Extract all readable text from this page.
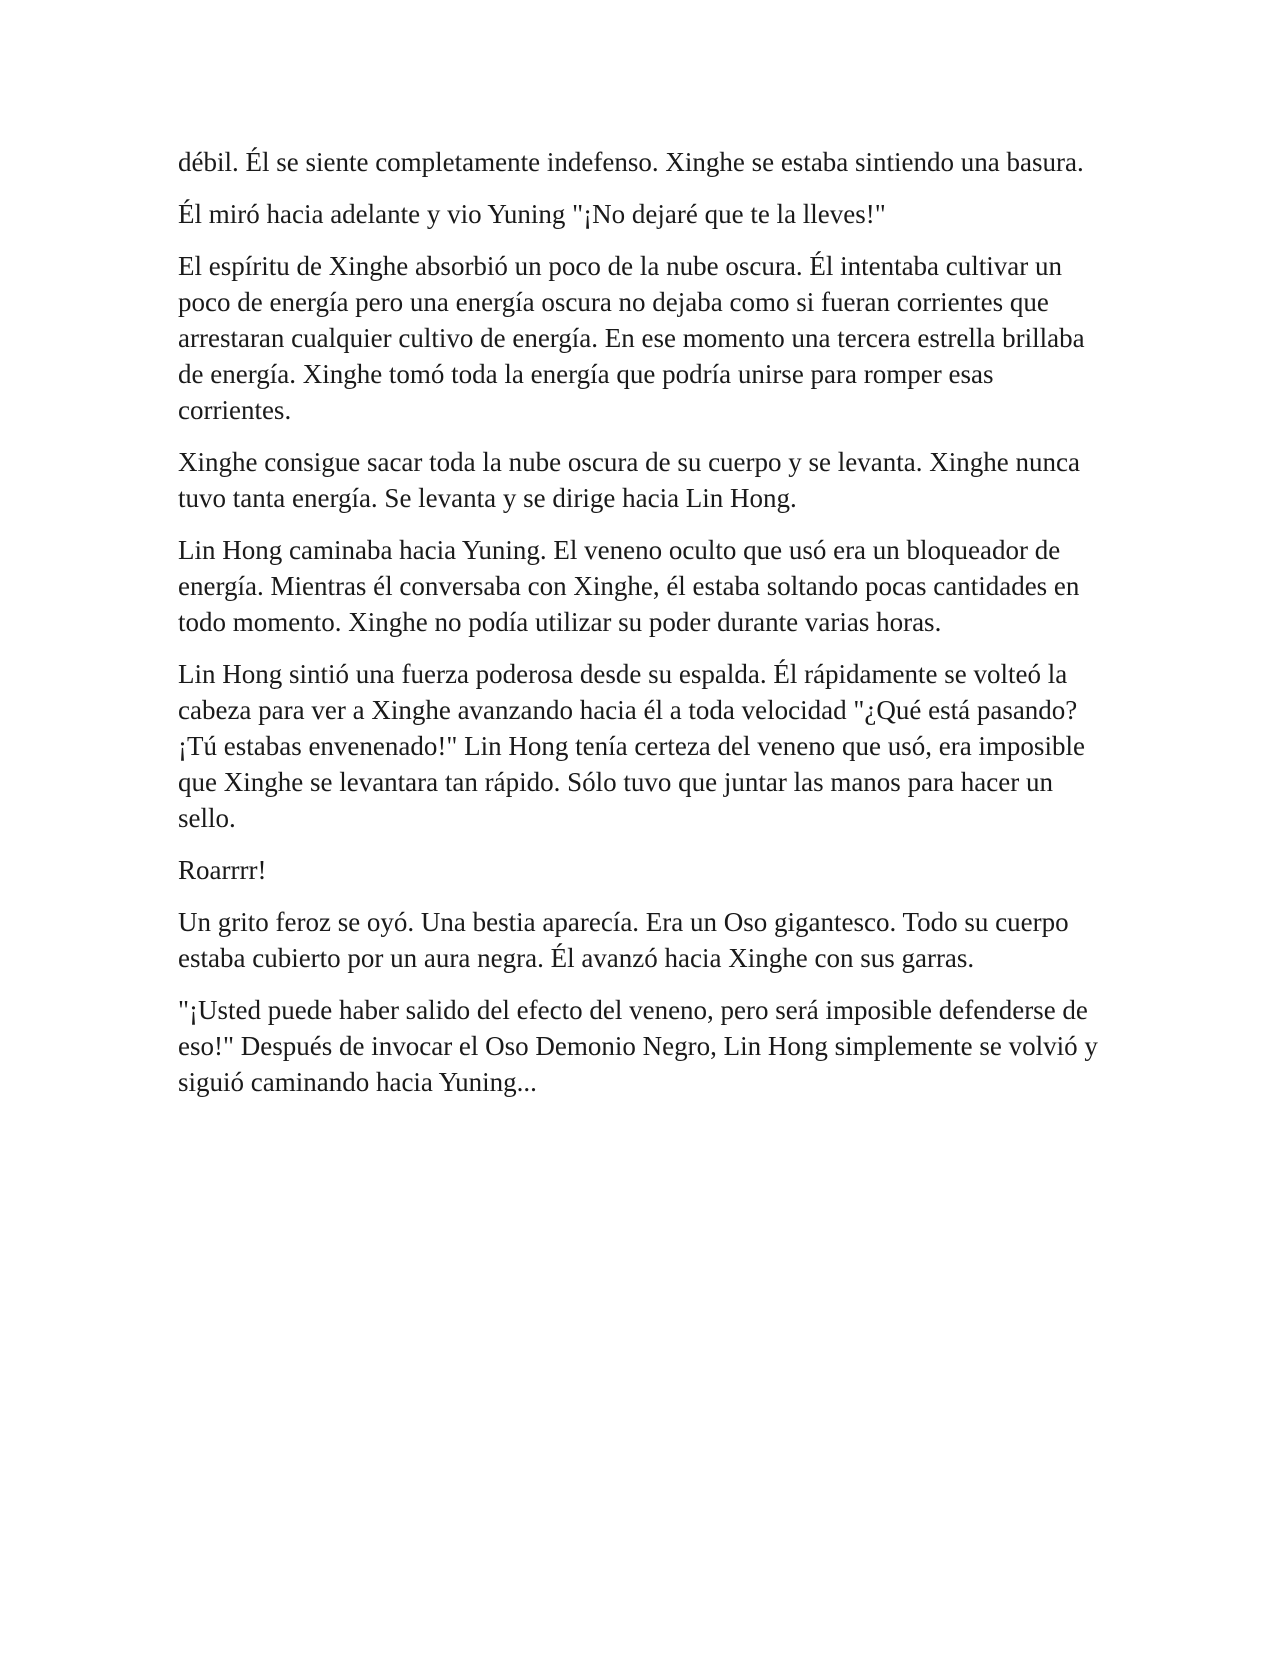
débil. Él se siente completamente indefenso. Xinghe se estaba sintiendo una basura.

Él miró hacia adelante y vio Yuning "¡No dejaré que te la lleves!"

El espíritu de Xinghe absorbió un poco de la nube oscura. Él intentaba cultivar un poco de energía pero una energía oscura no dejaba como si fueran corrientes que arrestaran cualquier cultivo de energía. En ese momento una tercera estrella brillaba de energía. Xinghe tomó toda la energía que podría unirse para romper esas corrientes.

Xinghe consigue sacar toda la nube oscura de su cuerpo y se levanta. Xinghe nunca tuvo tanta energía. Se levanta y se dirige hacia Lin Hong.

Lin Hong caminaba hacia Yuning. El veneno oculto que usó era un bloqueador de energía. Mientras él conversaba con Xinghe, él estaba soltando pocas cantidades en todo momento. Xinghe no podía utilizar su poder durante varias horas.

Lin Hong sintió una fuerza poderosa desde su espalda. Él rápidamente se volteó la cabeza para ver a Xinghe avanzando hacia él a toda velocidad "¿Qué está pasando? ¡Tú estabas envenenado!" Lin Hong tenía certeza del veneno que usó, era imposible que Xinghe se levantara tan rápido. Sólo tuvo que juntar las manos para hacer un sello.

Roarrrr!

Un grito feroz se oyó. Una bestia aparecía. Era un Oso gigantesco. Todo su cuerpo estaba cubierto por un aura negra. Él avanzó hacia Xinghe con sus garras.

"¡Usted puede haber salido del efecto del veneno, pero será imposible defenderse de eso!" Después de invocar el Oso Demonio Negro, Lin Hong simplemente se volvió y siguió caminando hacia Yuning...
